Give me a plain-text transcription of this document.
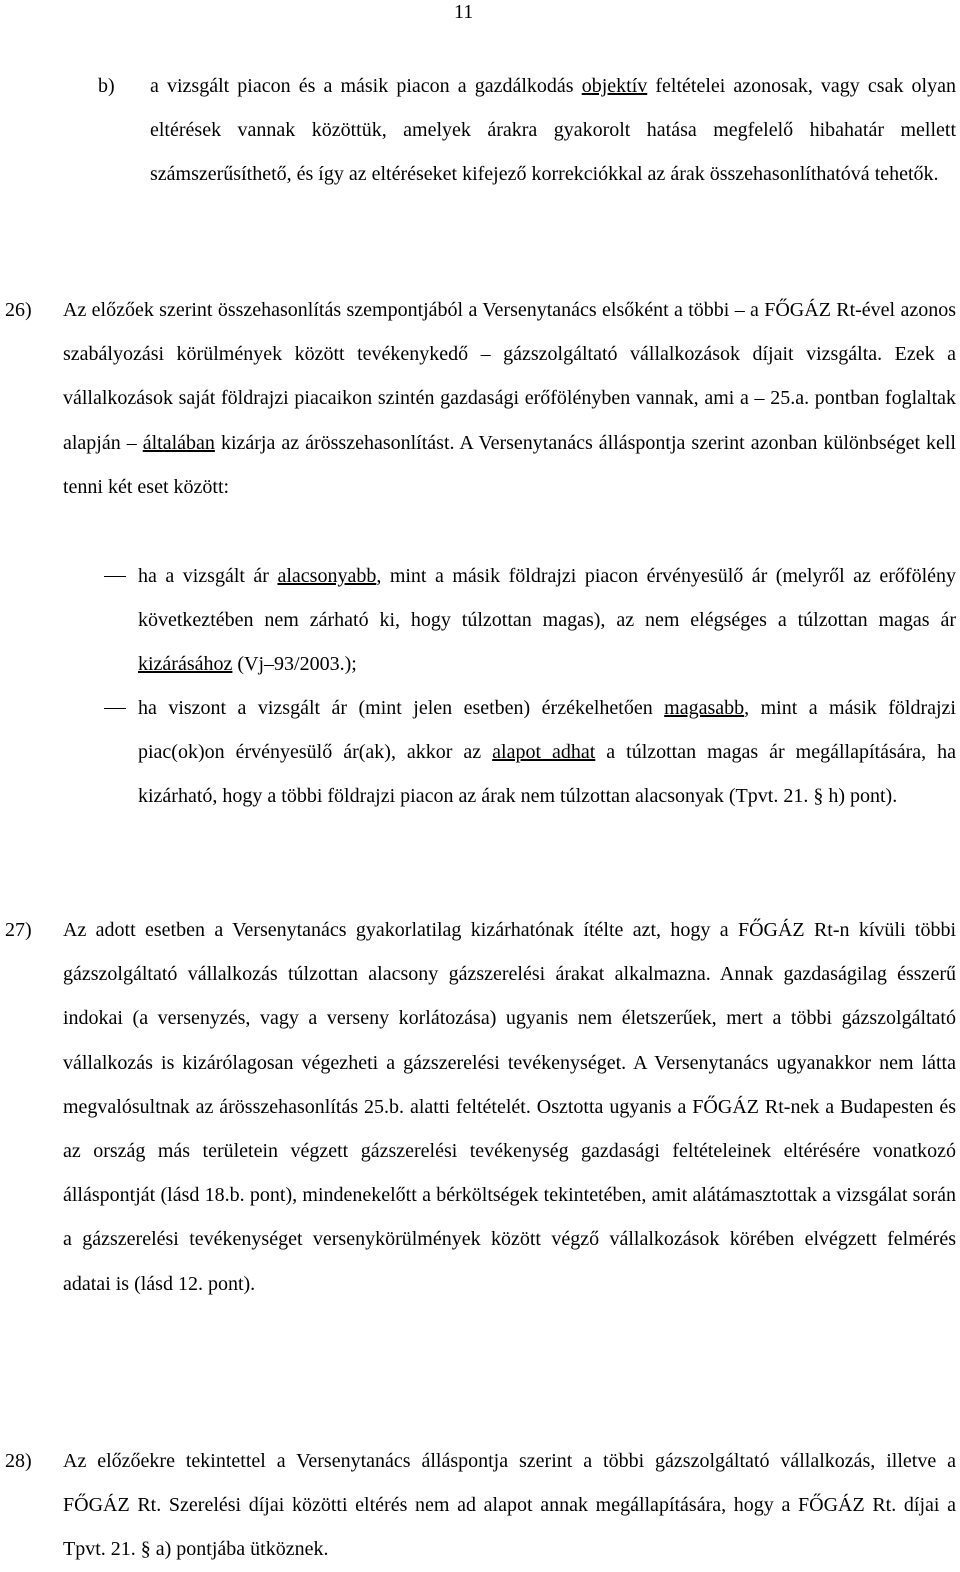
11
b) a vizsgált piacon és a másik piacon a gazdálkodás objektív feltételei azonosak, vagy csak olyan eltérések vannak közöttük, amelyek árakra gyakorolt hatása megfelelő hibahatár mellett számszerűsíthető, és így az eltéréseket kifejező korrekciókkal az árak összehasonlíthatóvá tehetők.
26) Az előzőek szerint összehasonlítás szempontjából a Versenytanács elsőként a többi – a FŐGÁZ Rt-ével azonos szabályozási körülmények között tevékenykedő – gázszolgáltató vállalkozások díjait vizsgálta. Ezek a vállalkozások saját földrajzi piacaikon szintén gazdasági erőfölényben vannak, ami a – 25.a. pontban foglaltak alapján – általában kizárja az árösszehasonlítást. A Versenytanács álláspontja szerint azonban különbséget kell tenni két eset között:
ha a vizsgált ár alacsonyabb, mint a másik földrajzi piacon érvényesülő ár (melyről az erőfölény következtében nem zárható ki, hogy túlzottan magas), az nem elégséges a túlzottan magas ár kizárásához (Vj–93/2003.);
ha viszont a vizsgált ár (mint jelen esetben) érzékelhetően magasabb, mint a másik földrajzi piac(ok)on érvényesülő ár(ak), akkor az alapot adhat a túlzottan magas ár megállapítására, ha kizárható, hogy a többi földrajzi piacon az árak nem túlzottan alacsonyak (Tpvt. 21. § h) pont).
27) Az adott esetben a Versenytanács gyakorlatilag kizárhatónak ítélte azt, hogy a FŐGÁZ Rt-n kívüli többi gázszolgáltató vállalkozás túlzottan alacsony gázszerelési árakat alkalmazna. Annak gazdaságilag ésszerű indokai (a versenyzés, vagy a verseny korlátozása) ugyanis nem életszerűek, mert a többi gázszolgáltató vállalkozás is kizárólagosan végezheti a gázszerelési tevékenységet. A Versenytanács ugyanakkor nem látta megvalósultnak az árösszehasonlítás 25.b. alatti feltételét. Osztotta ugyanis a FŐGÁZ Rt-nek a Budapesten és az ország más területein végzett gázszerelési tevékenység gazdasági feltételeinek eltérésére vonatkozó álláspontját (lásd 18.b. pont), mindenekelőtt a bérköltségek tekintetében, amit alátámasztottak a vizsgálat során a gázszerelési tevékenységet versenykörülmények között végző vállalkozások körében elvégzett felmérés adatai is (lásd 12. pont).
28) Az előzőekre tekintettel a Versenytanács álláspontja szerint a többi gázszolgáltató vállalkozás, illetve a FŐGÁZ Rt. Szerelési díjai közötti eltérés nem ad alapot annak megállapítására, hogy a FŐGÁZ Rt. díjai a Tpvt. 21. § a) pontjába ütköznek.
